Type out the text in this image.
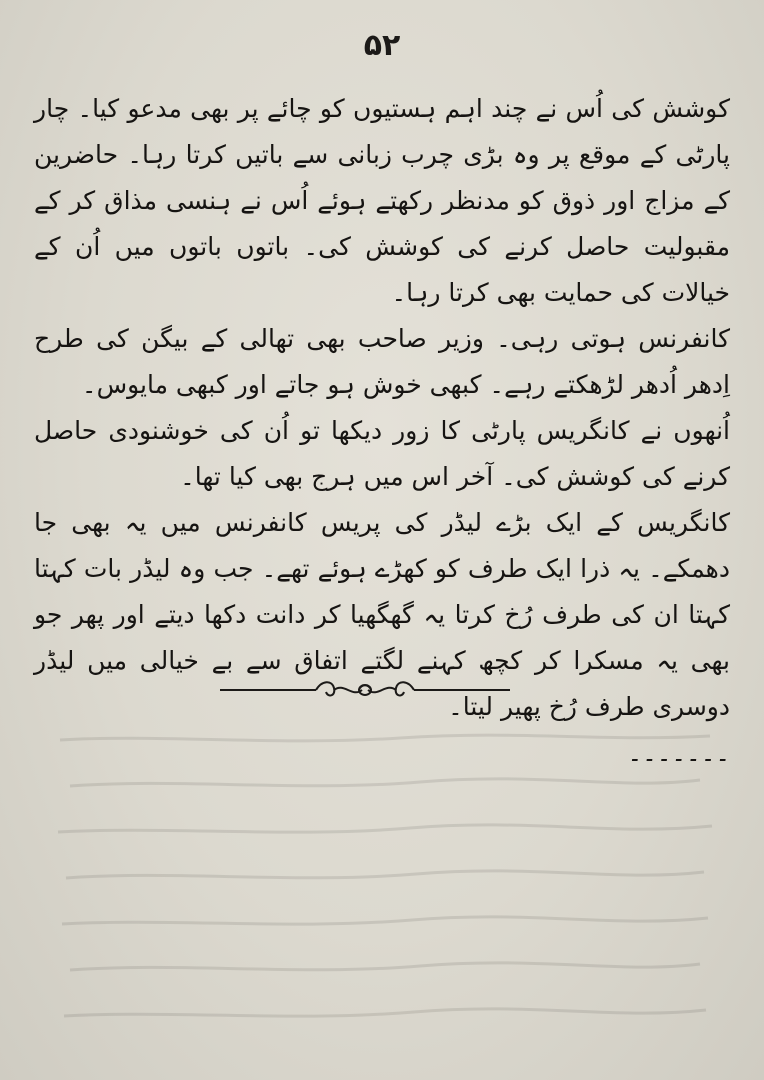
۵۲

کوشش کی اُس نے چند اہم ہستیوں کو چائے پر بھی مدعو کیا۔ چار پارٹی کے موقع پر وہ بڑی چرب زبانی سے باتیں کرتا رہا۔ حاضرین کے مزاج اور ذوق کو مدنظر رکھتے ہوئے اُس نے ہنسی مذاق کر کے مقبولیت حاصل کرنے کی کوشش کی۔ باتوں باتوں میں اُن کے خیالات کی حمایت بھی کرتا رہا۔

کانفرنس ہوتی رہی۔ وزیر صاحب بھی تھالی کے بیگن کی طرح اِدھر اُدھر لڑھکتے رہے۔ کبھی خوش ہو جاتے اور کبھی مایوس۔

اُنھوں نے کانگریس پارٹی کا زور دیکھا تو اُن کی خوشنودی حاصل کرنے کی کوشش کی۔ آخر اس میں ہرج بھی کیا تھا۔

کانگریس کے ایک بڑے لیڈر کی پریس کانفرنس میں یہ بھی جا دھمکے۔ یہ ذرا ایک طرف کو کھڑے ہوئے تھے۔ جب وہ لیڈر بات کہتا کہتا ان کی طرف رُخ کرتا یہ گھگھیا کر دانت دکھا دیتے اور پھر جو بھی یہ مسکرا کر کچھ کہنے لگتے اتفاق سے بے خیالی میں لیڈر دوسری طرف رُخ پھیر لیتا۔

۔۔۔۔۔۔۔
